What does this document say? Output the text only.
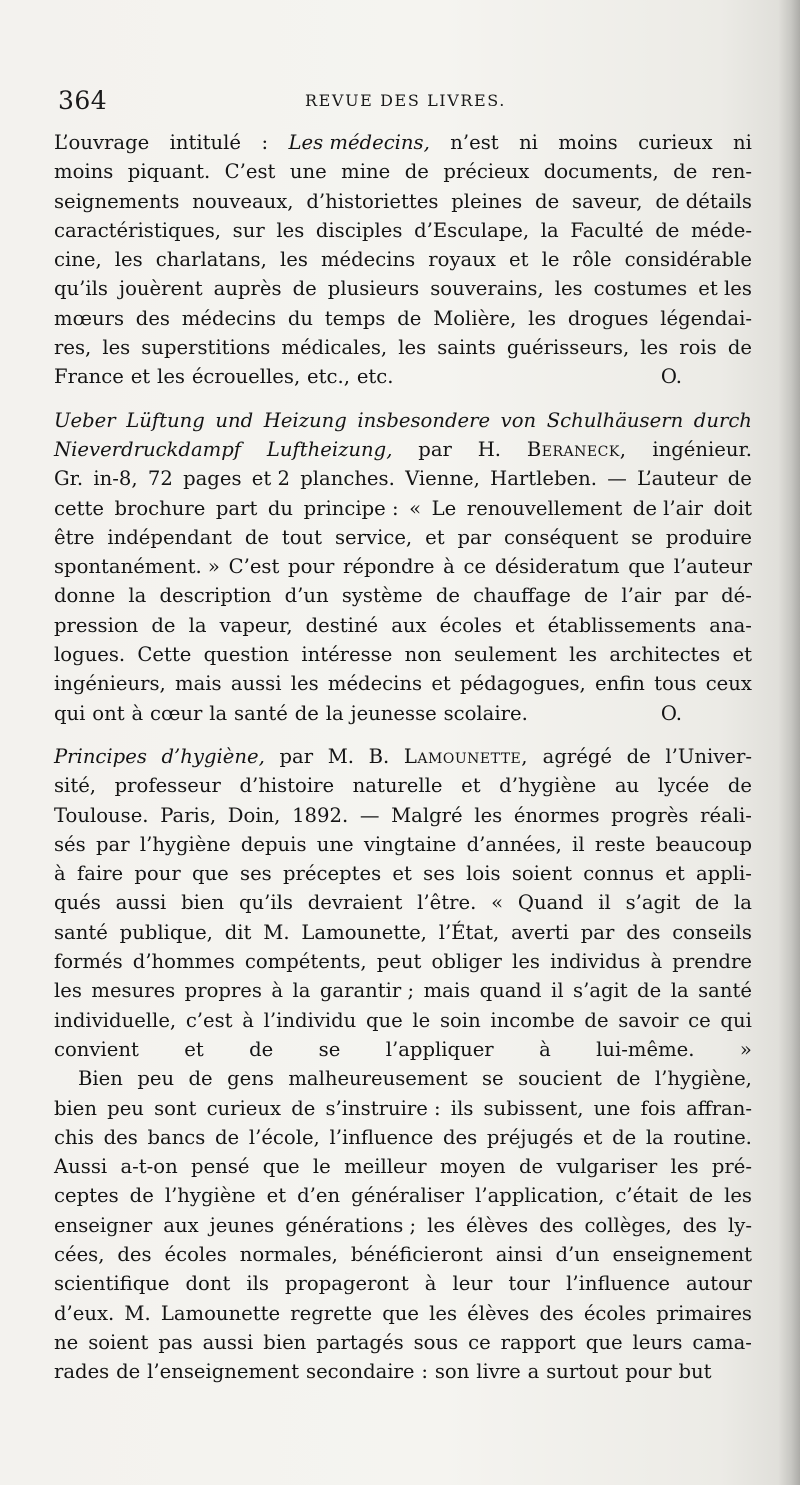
364	REVUE DES LIVRES.
L’ouvrage intitulé : Les médecins, n’est ni moins curieux ni
moins piquant. C’est une mine de précieux documents, de ren-
seignements nouveaux, d’historiettes pleines de saveur, de détails
caractéristiques, sur les disciples d’Esculape, la Faculté de méde-
cine, les charlatans, les médecins royaux et le rôle considérable
qu’ils jouèrent auprès de plusieurs souverains, les costumes et les
mœurs des médecins du temps de Molière, les drogues légendai-
res, les superstitions médicales, les saints guérisseurs, les rois de
France et les écrouelles, etc., etc.	O.
Ueber Lüftung und Heizung insbesondere von Schulhäusern durch
Nieverdruckdampf Luftheizung, par H. Beraneck, ingénieur.
Gr. in-8, 72 pages et 2 planches. Vienne, Hartleben. — L’auteur de
cette brochure part du principe : « Le renouvellement de l’air doit
être indépendant de tout service, et par conséquent se produire
spontanément. » C’est pour répondre à ce désideratum que l’auteur
donne la description d’un système de chauffage de l’air par dé-
pression de la vapeur, destiné aux écoles et établissements ana-
logues. Cette question intéresse non seulement les architectes et
ingénieurs, mais aussi les médecins et pédagogues, enfin tous ceux
qui ont à cœur la santé de la jeunesse scolaire.	O.
Principes d’hygiène, par M. B. Lamounette, agrégé de l’Univer-
sité, professeur d’histoire naturelle et d’hygiène au lycée de
Toulouse. Paris, Doin, 1892. — Malgré les énormes progrès réali-
sés par l’hygiène depuis une vingtaine d’années, il reste beaucoup
à faire pour que ses préceptes et ses lois soient connus et appli-
qués aussi bien qu’ils devraient l’être. « Quand il s’agit de la
santé publique, dit M. Lamounette, l’État, averti par des conseils
formés d’hommes compétents, peut obliger les individus à prendre
les mesures propres à la garantir ; mais quand il s’agit de la santé
individuelle, c’est à l’individu que le soin incombe de savoir ce qui
convient et de se l’appliquer à lui-même. »
Bien peu de gens malheureusement se soucient de l’hygiène,
bien peu sont curieux de s’instruire : ils subissent, une fois affran-
chis des bancs de l’école, l’influence des préjugés et de la routine.
Aussi a-t-on pensé que le meilleur moyen de vulgariser les pré-
ceptes de l’hygiène et d’en généraliser l’application, c’était de les
enseigner aux jeunes générations ; les élèves des collèges, des ly-
cées, des écoles normales, bénéficieront ainsi d’un enseignement
scientifique dont ils propageront à leur tour l’influence autour
d’eux. M. Lamounette regrette que les élèves des écoles primaires
ne soient pas aussi bien partagés sous ce rapport que leurs cama-
rades de l’enseignement secondaire : son livre a surtout pour but
